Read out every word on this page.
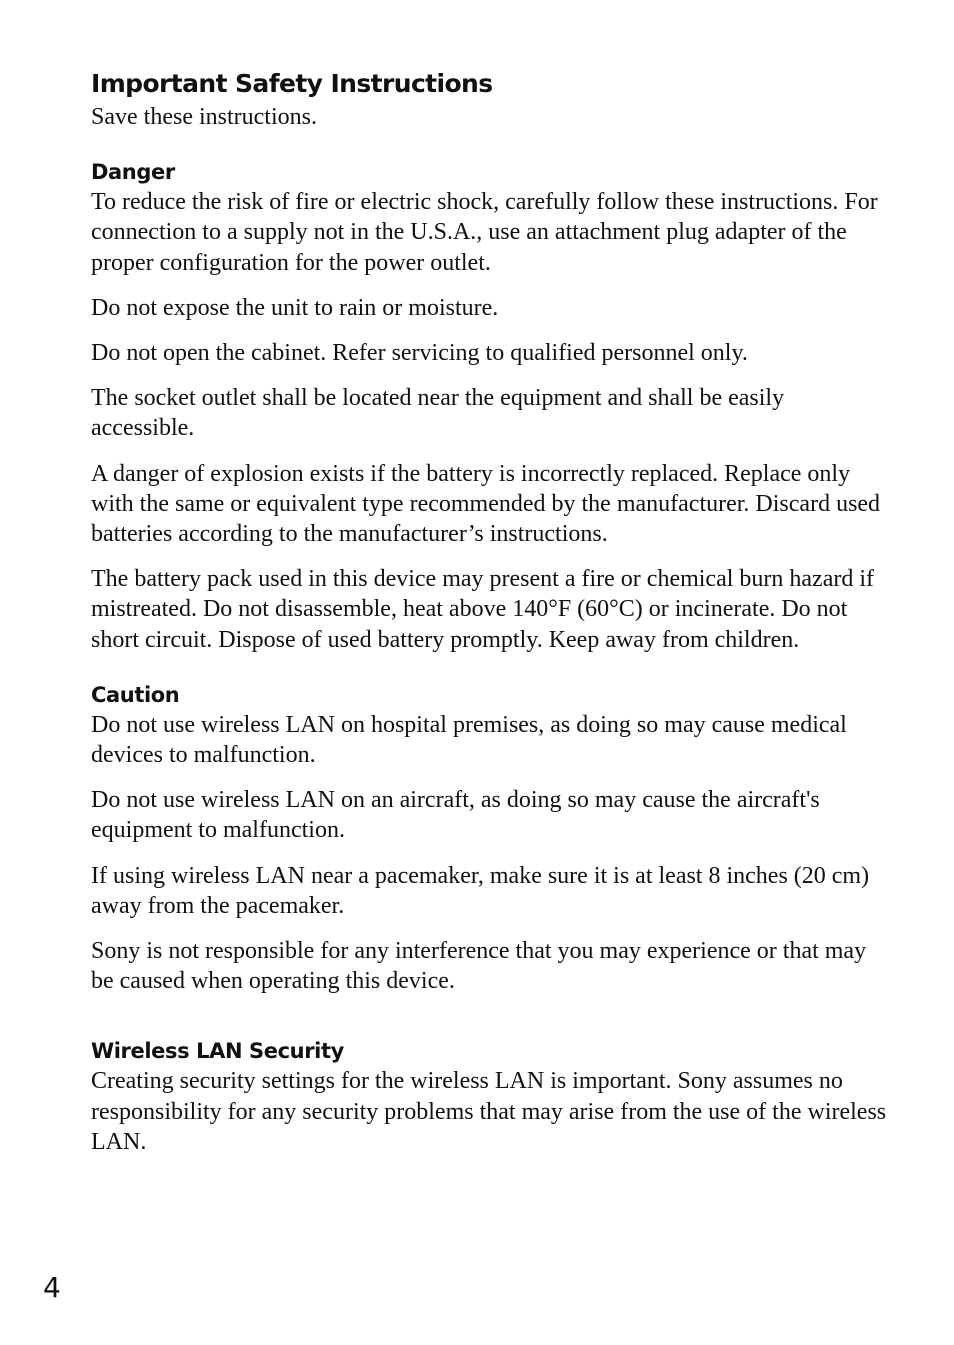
Important Safety Instructions

Save these instructions.

Danger

To reduce the risk of fire or electric shock, carefully follow these instructions. For connection to a supply not in the U.S.A., use an attachment plug adapter of the proper configuration for the power outlet.

Do not expose the unit to rain or moisture.

Do not open the cabinet. Refer servicing to qualified personnel only.

The socket outlet shall be located near the equipment and shall be easily accessible.

A danger of explosion exists if the battery is incorrectly replaced. Replace only with the same or equivalent type recommended by the manufacturer. Discard used batteries according to the manufacturer’s instructions.

The battery pack used in this device may present a fire or chemical burn hazard if mistreated. Do not disassemble, heat above 140°F (60°C) or incinerate. Do not short circuit. Dispose of used battery promptly. Keep away from children.

Caution

Do not use wireless LAN on hospital premises, as doing so may cause medical devices to malfunction.

Do not use wireless LAN on an aircraft, as doing so may cause the aircraft's equipment to malfunction.

If using wireless LAN near a pacemaker, make sure it is at least 8 inches (20 cm) away from the pacemaker.

Sony is not responsible for any interference that you may experience or that may be caused when operating this device.

Wireless LAN Security

Creating security settings for the wireless LAN is important. Sony assumes no responsibility for any security problems that may arise from the use of the wireless LAN.

4
